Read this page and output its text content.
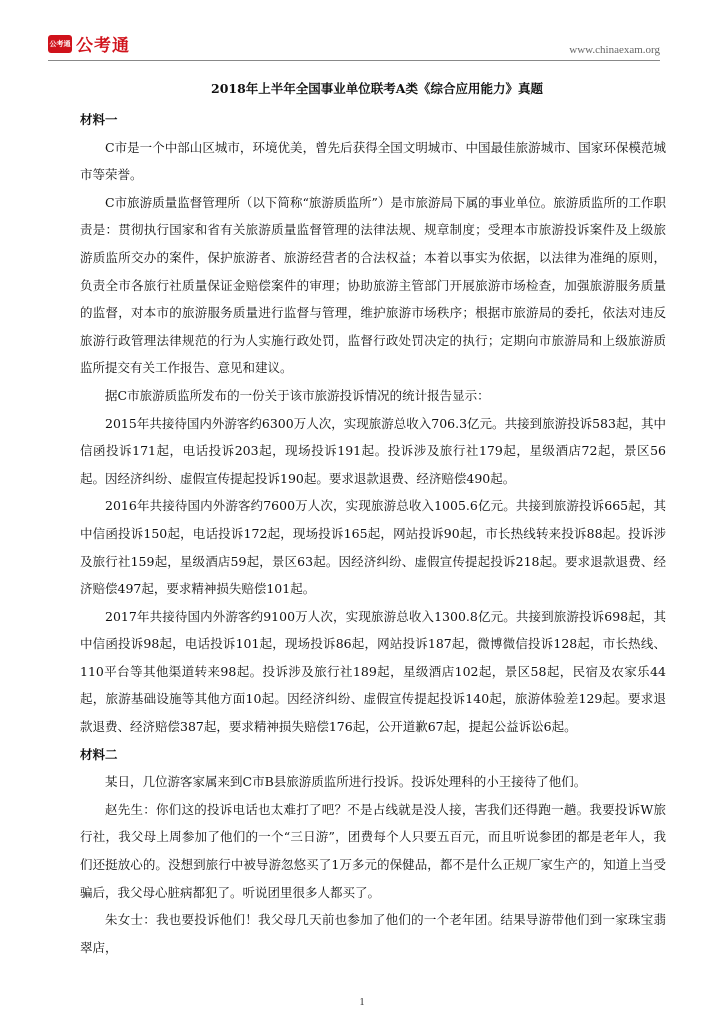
公考通 公考通	www.chinaexam.org
2018年上半年全国事业单位联考A类《综合应用能力》真题
材料一

C市是一个中部山区城市，环境优美，曾先后获得全国文明城市、中国最佳旅游城市、国家环保模范城市等荣誉。

C市旅游质量监督管理所（以下简称“旅游质监所”）是市旅游局下属的事业单位。旅游质监所的工作职责是：贯彻执行国家和省有关旅游质量监督管理的法律法规、规章制度；受理本市旅游投诉案件及上级旅游质监所交办的案件，保护旅游者、旅游经营者的合法权益；本着以事实为依据，以法律为准绳的原则，负责全市各旅行社质量保证金赔偿案件的审理；协助旅游主管部门开展旅游市场检查，加强旅游服务质量的监督，对本市的旅游服务质量进行监督与管理，维护旅游市场秩序；根据市旅游局的委托，依法对违反旅游行政管理法律规范的行为人实施行政处罚，监督行政处罚决定的执行；定期向市旅游局和上级旅游质监所提交有关工作报告、意见和建议。

据C市旅游质监所发布的一份关于该市旅游投诉情况的统计报告显示：

2015年共接待国内外游客约6300万人次，实现旅游总收入706.3亿元。共接到旅游投诉583起，其中信函投诉171起，电话投诉203起，现场投诉191起。投诉涉及旅行社179起，星级酒店72起，景区56起。因经济纠纷、虚假宣传提起投诉190起。要求退款退费、经济赔偿490起。

2016年共接待国内外游客约7600万人次，实现旅游总收入1005.6亿元。共接到旅游投诉665起，其中信函投诉150起，电话投诉172起，现场投诉165起，网站投诉90起，市长热线转来投诉88起。投诉涉及旅行社159起，星级酒店59起，景区63起。因经济纠纷、虚假宣传提起投诉218起。要求退款退费、经济赔偿497起，要求精神损失赔偿101起。

2017年共接待国内外游客约9100万人次，实现旅游总收入1300.8亿元。共接到旅游投诉698起，其中信函投诉98起，电话投诉101起，现场投诉86起，网站投诉187起，微博微信投诉128起，市长热线、110平台等其他渠道转来98起。投诉涉及旅行社189起，星级酒店102起，景区58起，民宿及农家乐44起，旅游基础设施等其他方面10起。因经济纠纷、虚假宣传提起投诉140起，旅游体验差129起。要求退款退费、经济赔偿387起，要求精神损失赔偿176起，公开道歉67起，提起公益诉讼6起。

材料二

某日，几位游客家属来到C市B县旅游质监所进行投诉。投诉处理科的小王接待了他们。

赵先生：你们这的投诉电话也太难打了吧？不是占线就是没人接，害我们还得跑一趟。我要投诉W旅行社，我父母上周参加了他们的一个“三日游”，团费每个人只要五百元，而且听说参团的都是老年人，我们还挺放心的。没想到旅行中被导游忽悠买了1万多元的保健品，都不是什么正规厂家生产的，知道上当受骗后，我父母心脏病都犯了。听说团里很多人都买了。

朱女士：我也要投诉他们！我父母几天前也参加了他们的一个老年团。结果导游带他们到一家珠宝翡翠店，

1
